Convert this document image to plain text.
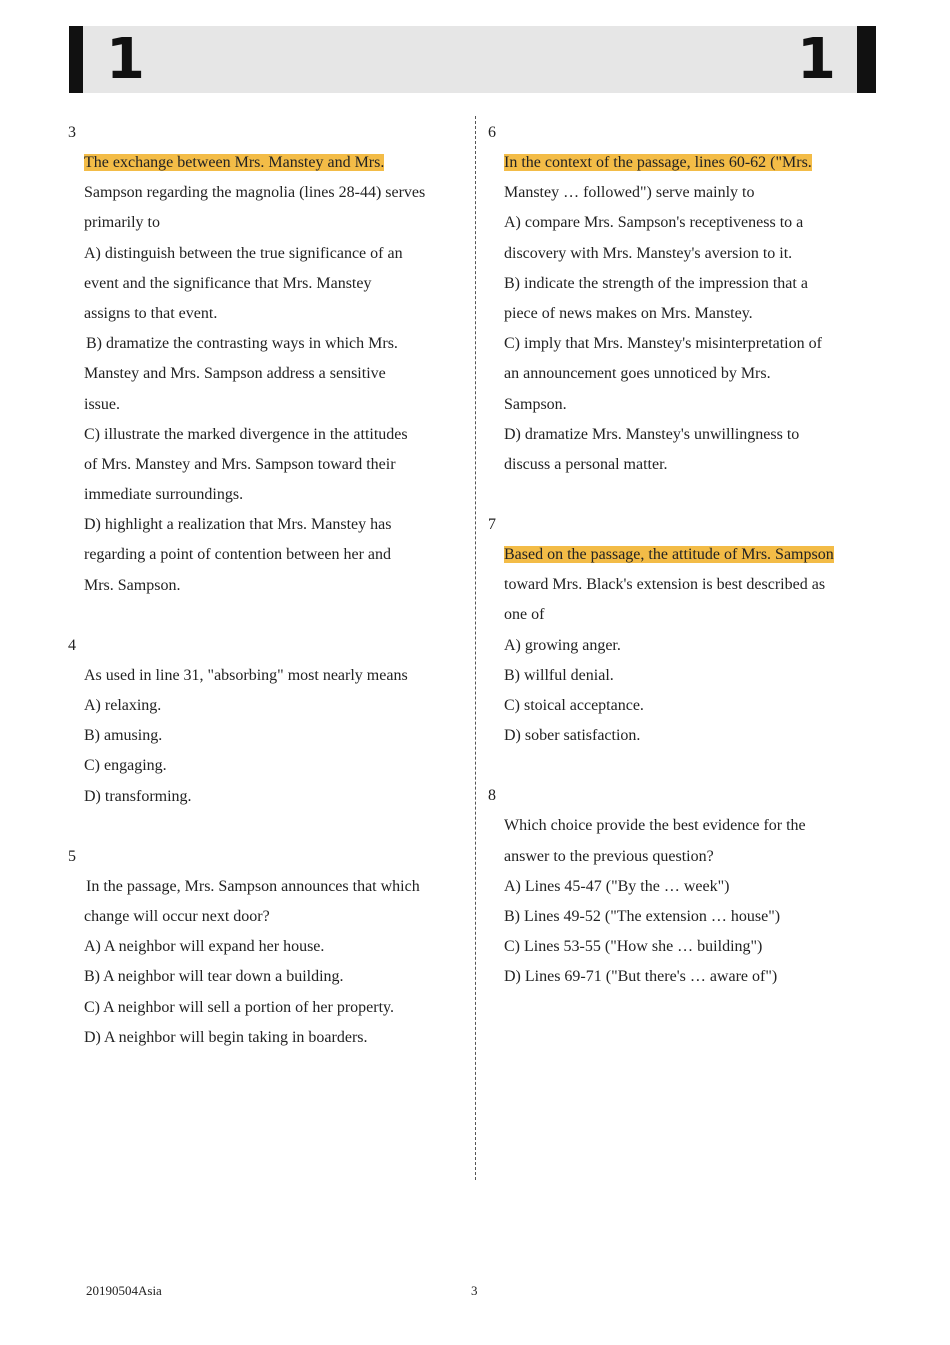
1	1
3
The exchange between Mrs. Manstey and Mrs.
Sampson regarding the magnolia (lines 28-44) serves
primarily to
A) distinguish between the true significance of an
event and the significance that Mrs. Manstey
assigns to that event.
B) dramatize the contrasting ways in which Mrs.
Manstey and Mrs. Sampson address a sensitive
issue.
C) illustrate the marked divergence in the attitudes
of Mrs. Manstey and Mrs. Sampson toward their
immediate surroundings.
D) highlight a realization that Mrs. Manstey has
regarding a point of contention between her and
Mrs. Sampson.
4
As used in line 31, "absorbing" most nearly means
A) relaxing.
B) amusing.
C) engaging.
D) transforming.
5
In the passage, Mrs. Sampson announces that which
change will occur next door?
A) A neighbor will expand her house.
B) A neighbor will tear down a building.
C) A neighbor will sell a portion of her property.
D) A neighbor will begin taking in boarders.
6
In the context of the passage, lines 60-62 ("Mrs.
Manstey … followed") serve mainly to
A) compare Mrs. Sampson's receptiveness to a
discovery with Mrs. Manstey's aversion to it.
B) indicate the strength of the impression that a
piece of news makes on Mrs. Manstey.
C) imply that Mrs. Manstey's misinterpretation of
an announcement goes unnoticed by Mrs.
Sampson.
D) dramatize Mrs. Manstey's unwillingness to
discuss a personal matter.
7
Based on the passage, the attitude of Mrs. Sampson
toward Mrs. Black's extension is best described as
one of
A) growing anger.
B) willful denial.
C) stoical acceptance.
D) sober satisfaction.
8
Which choice provide the best evidence for the
answer to the previous question?
A) Lines 45-47 ("By the … week")
B) Lines 49-52 ("The extension … house")
C) Lines 53-55 ("How she … building")
D) Lines 69-71 ("But there's … aware of")
20190504Asia	3
